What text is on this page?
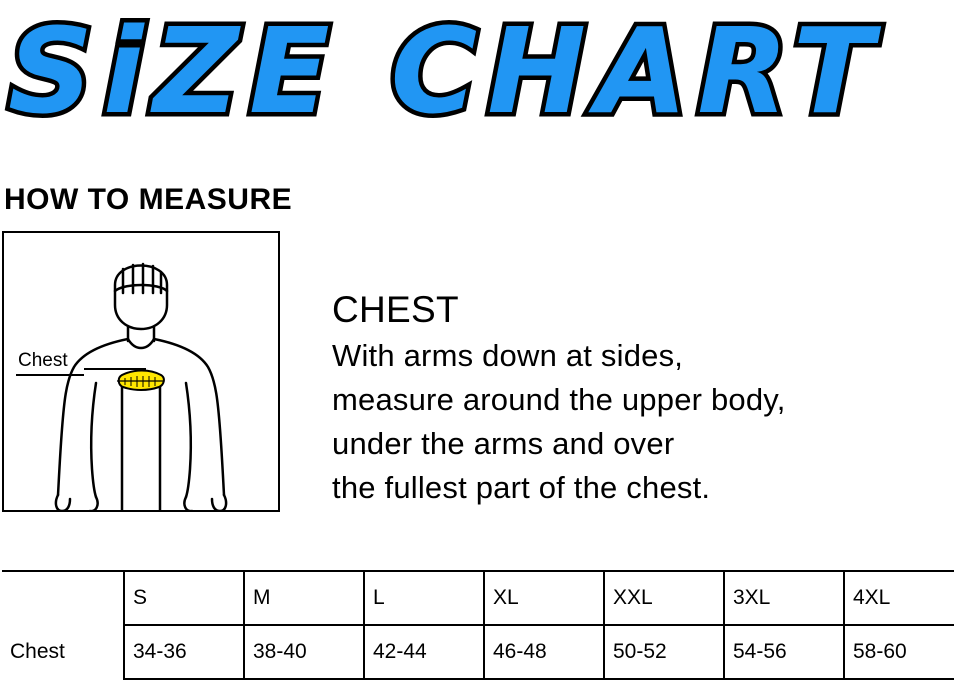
SiZE CHART
HOW TO MEASURE
Chest
CHEST
With arms down at sides,
measure around the upper body,
under the arms and over
the fullest part of the chest.
	S	M	L	XL	XXL	3XL	4XL
Chest	34-36	38-40	42-44	46-48	50-52	54-56	58-60
